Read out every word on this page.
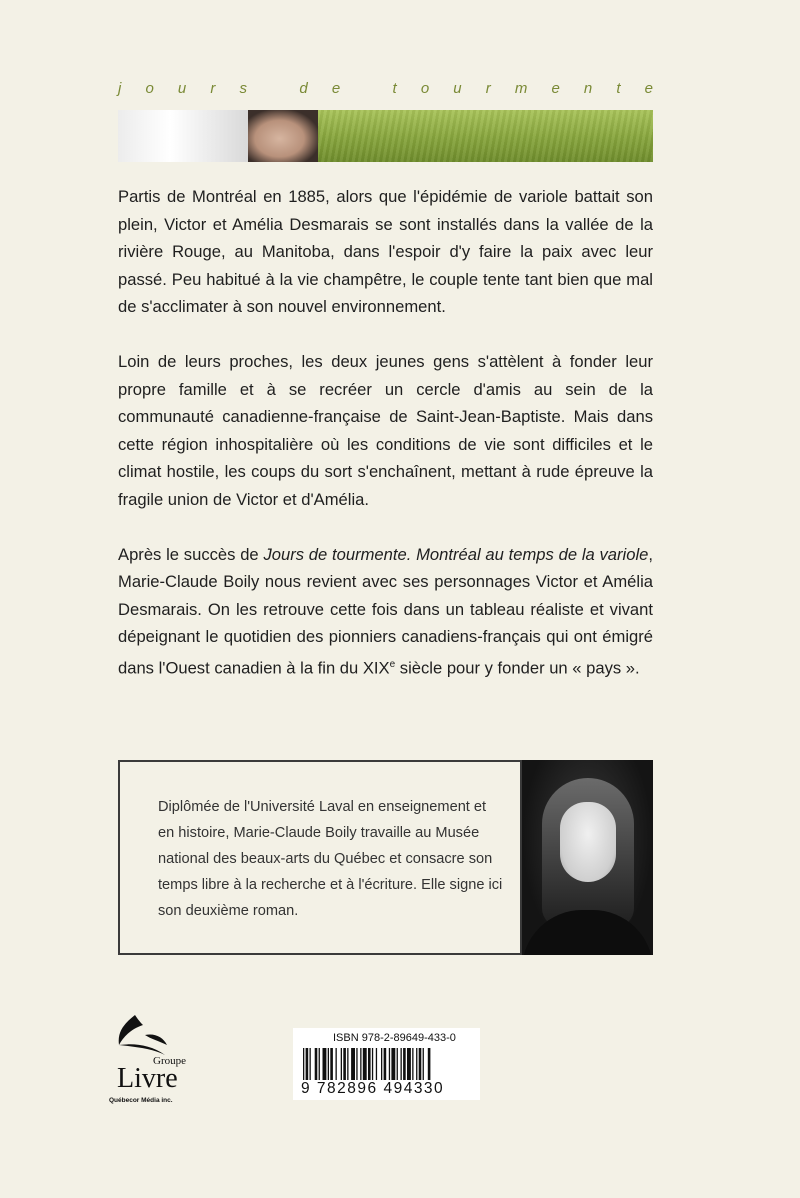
j o u r s
	d e
	t o u r m e n t e

Partis de Montréal en 1885, alors que l'épidémie de variole battait son plein, Victor et Amélia Desmarais se sont installés dans la vallée de la rivière Rouge, au Manitoba, dans l'espoir d'y faire la paix avec leur passé. Peu habitué à la vie champêtre, le couple tente tant bien que mal de s'acclimater à son nouvel environnement.

Loin de leurs proches, les deux jeunes gens s'attèlent à fonder leur propre famille et à se recréer un cercle d'amis au sein de la communauté canadienne-française de Saint-Jean-Baptiste. Mais dans cette région inhospitalière où les conditions de vie sont difficiles et le climat hostile, les coups du sort s'enchaînent, mettant à rude épreuve la fragile union de Victor et d'Amélia.

Après le succès de Jours de tourmente. Montréal au temps de la variole, Marie-Claude Boily nous revient avec ses personnages Victor et Amélia Desmarais. On les retrouve cette fois dans un tableau réaliste et vivant dépeignant le quotidien des pionniers canadiens-français qui ont émigré dans l'Ouest canadien à la fin du XIXe siècle pour y fonder un « pays ».

Diplômée de l'Université Laval en enseignement et en histoire, Marie-Claude Boily travaille au Musée national des beaux-arts du Québec et consacre son temps libre à la recherche et à l'écriture. Elle signe ici son deuxième roman.
Groupe
Livre
Québecor Média inc.
ISBN 978-2-89649-433-0
9 782896 494330
